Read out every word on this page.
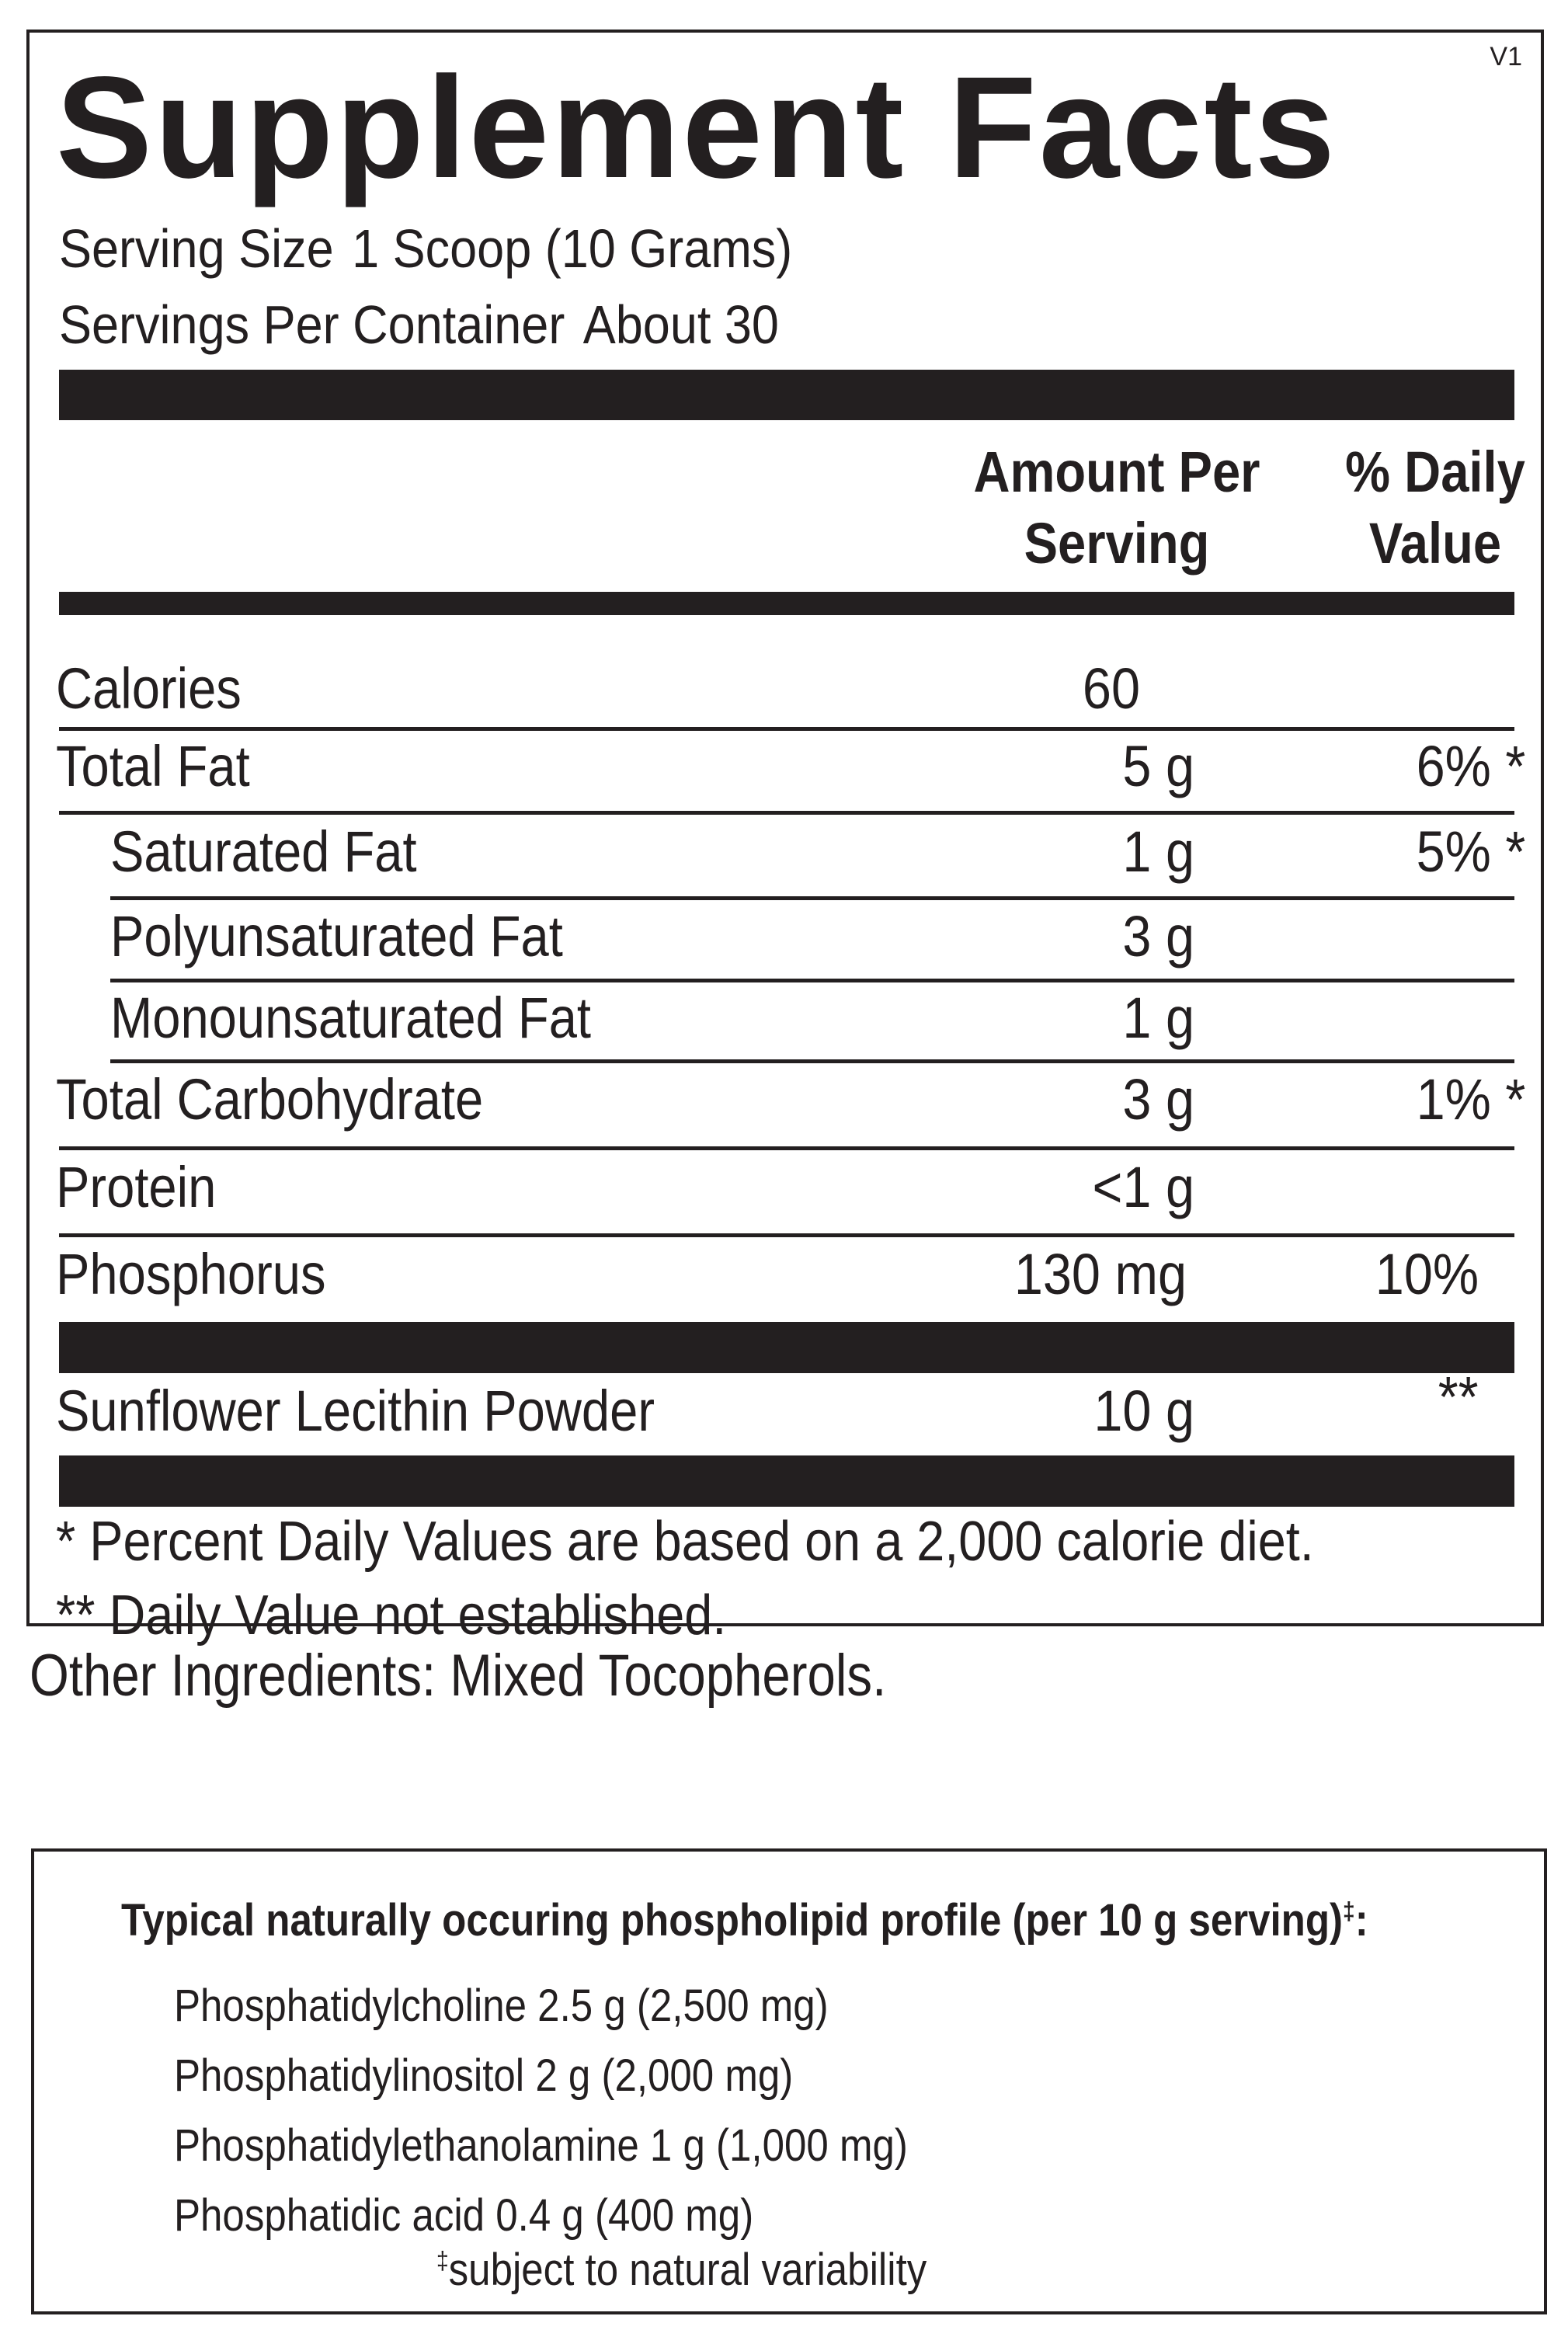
V1
Supplement Facts
Serving Size 1 Scoop (10 Grams)
Servings Per Container About 30
Amount Per
Serving
% Daily
Value
Calories	60
Total Fat	5 g	6% *
Saturated Fat	1 g	5% *
Polyunsaturated Fat	3 g
Monounsaturated Fat	1 g
Total Carbohydrate	3 g	1% *
Protein	<1 g
Phosphorus	130 mg	10%
Sunflower Lecithin Powder	10 g	**
* Percent Daily Values are based on a 2,000 calorie diet.
** Daily Value not established.
Other Ingredients: Mixed Tocopherols.
Typical naturally occuring phospholipid profile (per 10 g serving)‡:
Phosphatidylcholine 2.5 g (2,500 mg)
Phosphatidylinositol 2 g (2,000 mg)
Phosphatidylethanolamine 1 g (1,000 mg)
Phosphatidic acid 0.4 g (400 mg)
‡subject to natural variability
